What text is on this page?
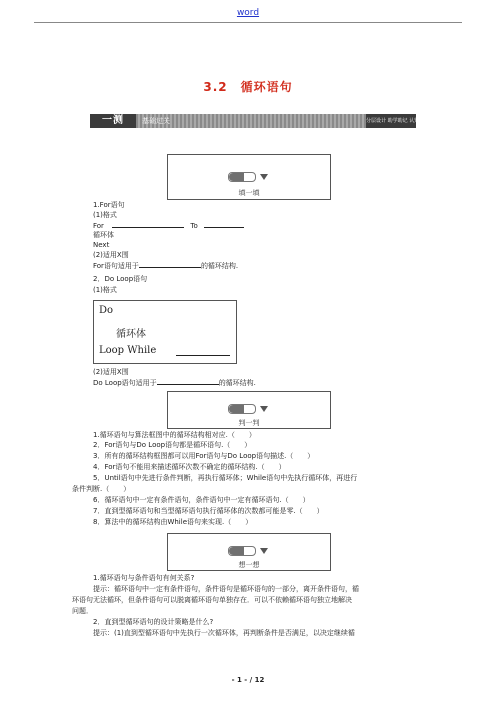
word
3.2　循环语句
一测	基础过关	分层设计 助学助记 认知更深刻
填一填
1.For语句
(1)格式
For	To
循环体
Next
(2)适用X围
For语句适用于	的循环结构.
2．Do Loop语句
(1)格式
Do
循环体
Loop While
(2)适用X围
Do Loop语句适用于	的循环结构.
判一判
1.循环语句与算法框图中的循环结构相对应.（　　）
2．For语句与Do Loop语句都是循环语句.（　　）
3．所有的循环结构框图都可以用For语句与Do Loop语句描述.（　　）
4．For语句不能用来描述循环次数不确定的循环结构.（　　）
5．Until语句中先进行条件判断，再执行循环体；While语句中先执行循环体，再进行
条件判断.（　　）
6．循环语句中一定有条件语句，条件语句中一定有循环语句.（　　）
7．直到型循环语句和当型循环语句执行循环体的次数都可能是零.（　　）
8．算法中的循环结构由While语句来实现.（　　）
想一想
1.循环语句与条件语句有何关系?
提示：循环语句中一定有条件语句，条件语句是循环语句的一部分，离开条件语句，循
环语句无法循环，但条件语句可以脱离循环语句单独存在．可以不依赖循环语句独立地解决
问题．
2．直到型循环语句的设计策略是什么?
提示：(1)直到型循环语句中先执行一次循环体，再判断条件是否满足，以决定继续循
- 1 - / 12
